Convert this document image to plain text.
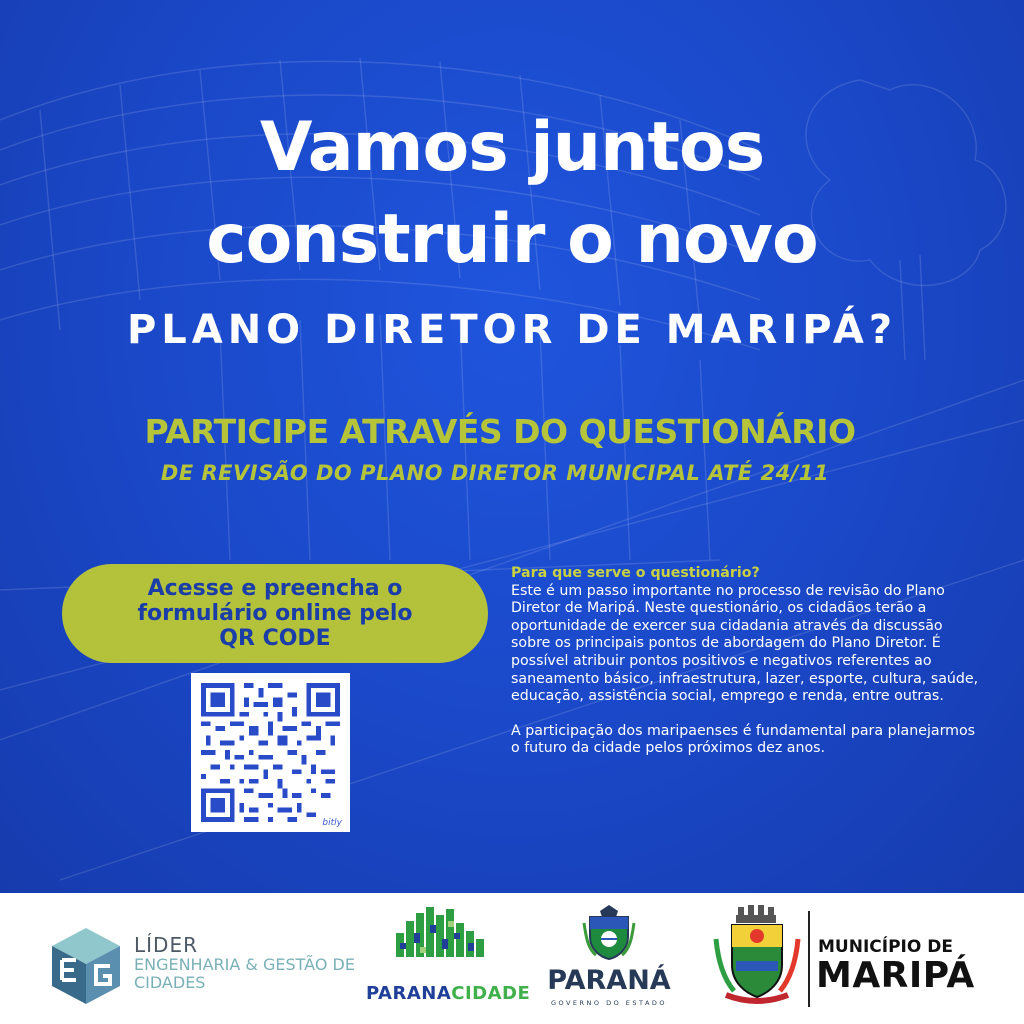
Vamos juntos
construir o novo
PLANO DIRETOR DE MARIPÁ?
PARTICIPE ATRAVÉS DO QUESTIONÁRIO
DE REVISÃO DO PLANO DIRETOR MUNICIPAL ATÉ 24/11
Acesse e preencha o formulário online pelo QR CODE
bitly
Para que serve o questionário?
Este é um passo importante no processo de revisão do Plano Diretor de Maripá. Neste questionário, os cidadãos terão a oportunidade de exercer sua cidadania através da discussão sobre os principais pontos de abordagem do Plano Diretor. É possível atribuir pontos positivos e negativos referentes ao saneamento básico, infraestrutura, lazer, esporte, cultura, saúde, educação, assistência social, emprego e renda, entre outras.
A participação dos maripaenses é fundamental para planejarmos o futuro da cidade pelos próximos dez anos.
LÍDER
ENGENHARIA & GESTÃO DE CIDADES
PARANACIDADE PARANÁ
GOVERNO DO ESTADO
MUNICÍPIO DE
MARIPÁ
